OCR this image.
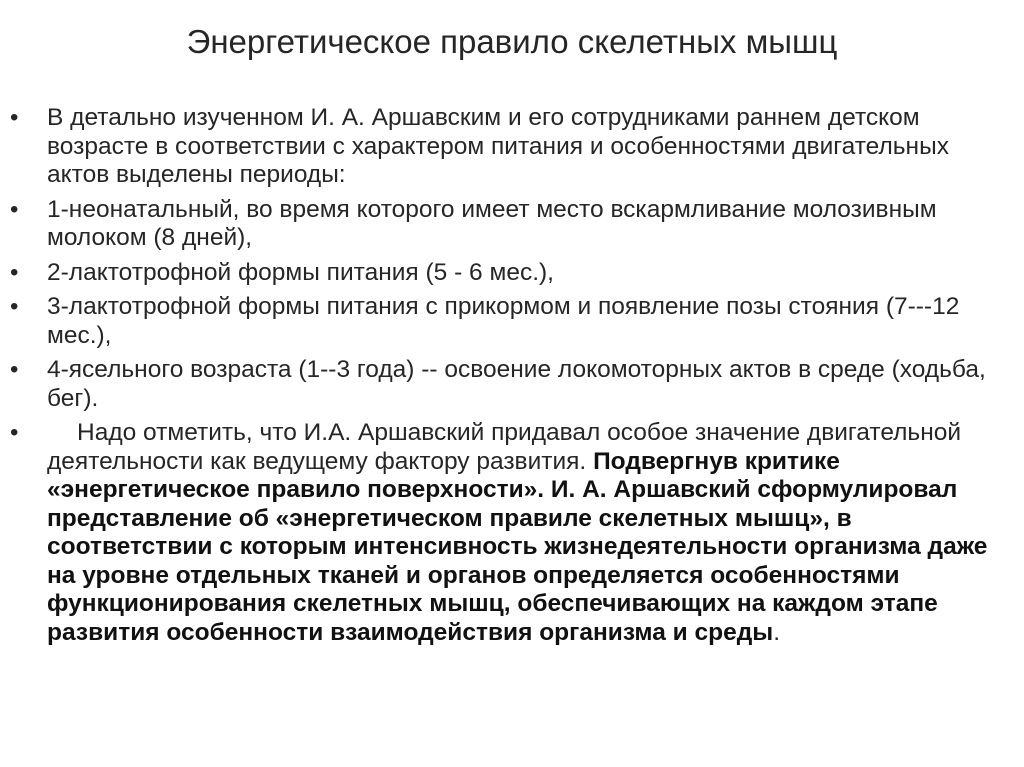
Энергетическое правило скелетных мышц
•	В детально изученном И. А. Аршавским и его сотрудниками раннем детском возрасте в соответствии с характером питания и особенностями двигательных актов выделены периоды:
•	1-неонатальный, во время которого имеет место вскармливание молозивным молоком (8 дней),
•	2-лактотрофной формы питания (5 - 6 мес.),
•	3-лактотрофной формы питания с прикормом и появление позы стояния (7---12 мес.),
•	4-ясельного возраста (1--3 года) -- освоение локомоторных актов в среде (ходьба, бег).
•	Надо отметить, что И.А. Аршавский придавал особое значение двигательной деятельности как ведущему фактору развития. Подвергнув критике «энергетическое правило поверхности». И. А. Аршавский сформулировал представление об «энергетическом правиле скелетных мышц», в соответствии с которым интенсивность жизнедеятельности организма даже на уровне отдельных тканей и органов определяется особенностями функционирования скелетных мышц, обеспечивающих на каждом этапе развития особенности взаимодействия организма и среды.
